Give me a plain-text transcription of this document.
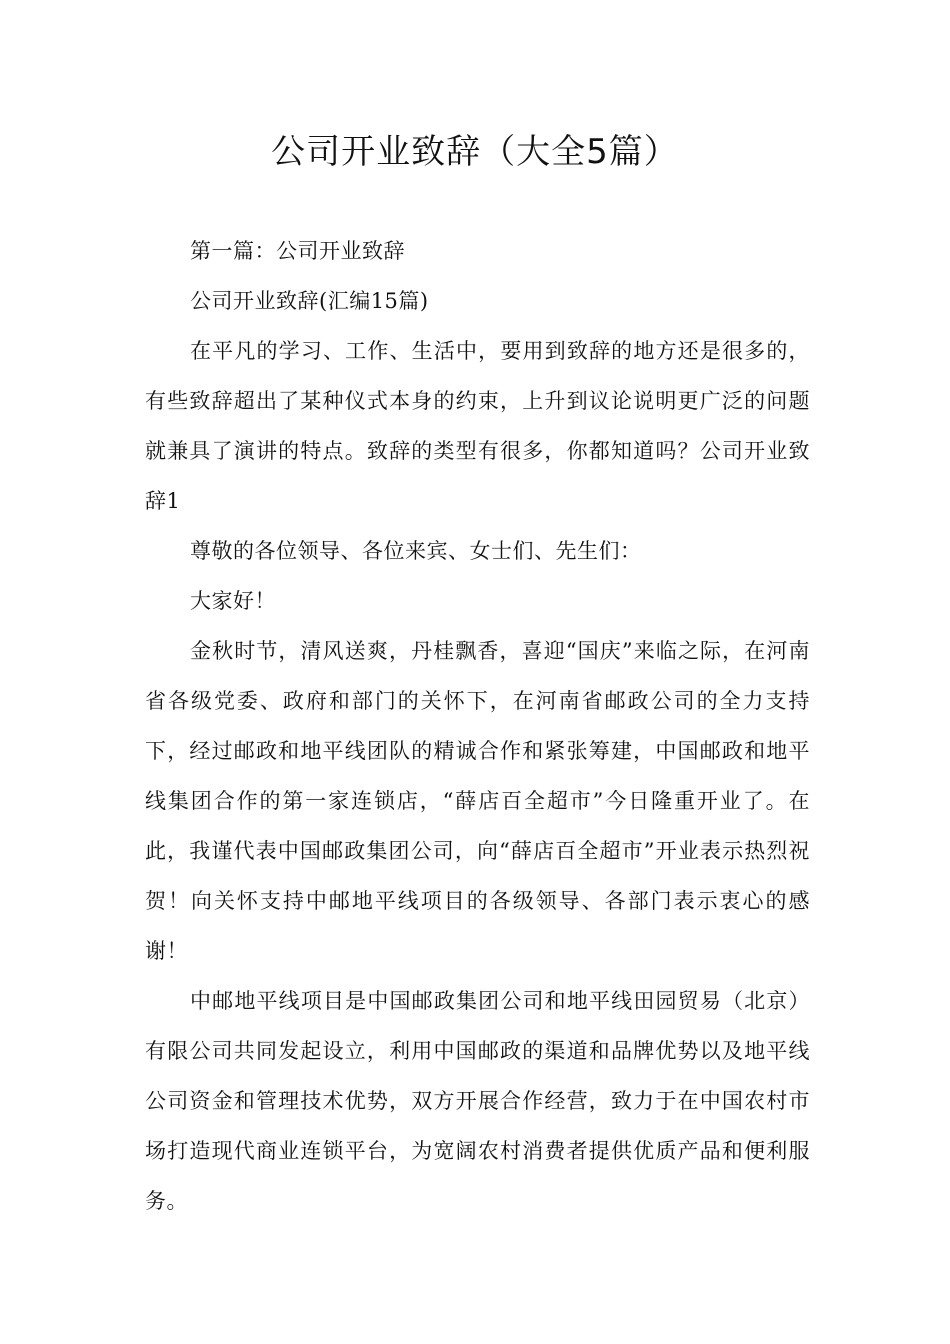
公司开业致辞（大全5篇）

第一篇：公司开业致辞

公司开业致辞(汇编15篇)

在平凡的学习、工作、生活中，要用到致辞的地方还是很多的，有些致辞超出了某种仪式本身的约束，上升到议论说明更广泛的问题就兼具了演讲的特点。致辞的类型有很多，你都知道吗？公司开业致辞1

尊敬的各位领导、各位来宾、女士们、先生们：

大家好！

金秋时节，清风送爽，丹桂飘香，喜迎“国庆”来临之际，在河南省各级党委、政府和部门的关怀下，在河南省邮政公司的全力支持下，经过邮政和地平线团队的精诚合作和紧张筹建，中国邮政和地平线集团合作的第一家连锁店，“薛店百全超市”今日隆重开业了。在此，我谨代表中国邮政集团公司，向“薛店百全超市”开业表示热烈祝贺！向关怀支持中邮地平线项目的各级领导、各部门表示衷心的感谢！

中邮地平线项目是中国邮政集团公司和地平线田园贸易（北京）有限公司共同发起设立，利用中国邮政的渠道和品牌优势以及地平线公司资金和管理技术优势，双方开展合作经营，致力于在中国农村市场打造现代商业连锁平台，为宽阔农村消费者提供优质产品和便利服务。
